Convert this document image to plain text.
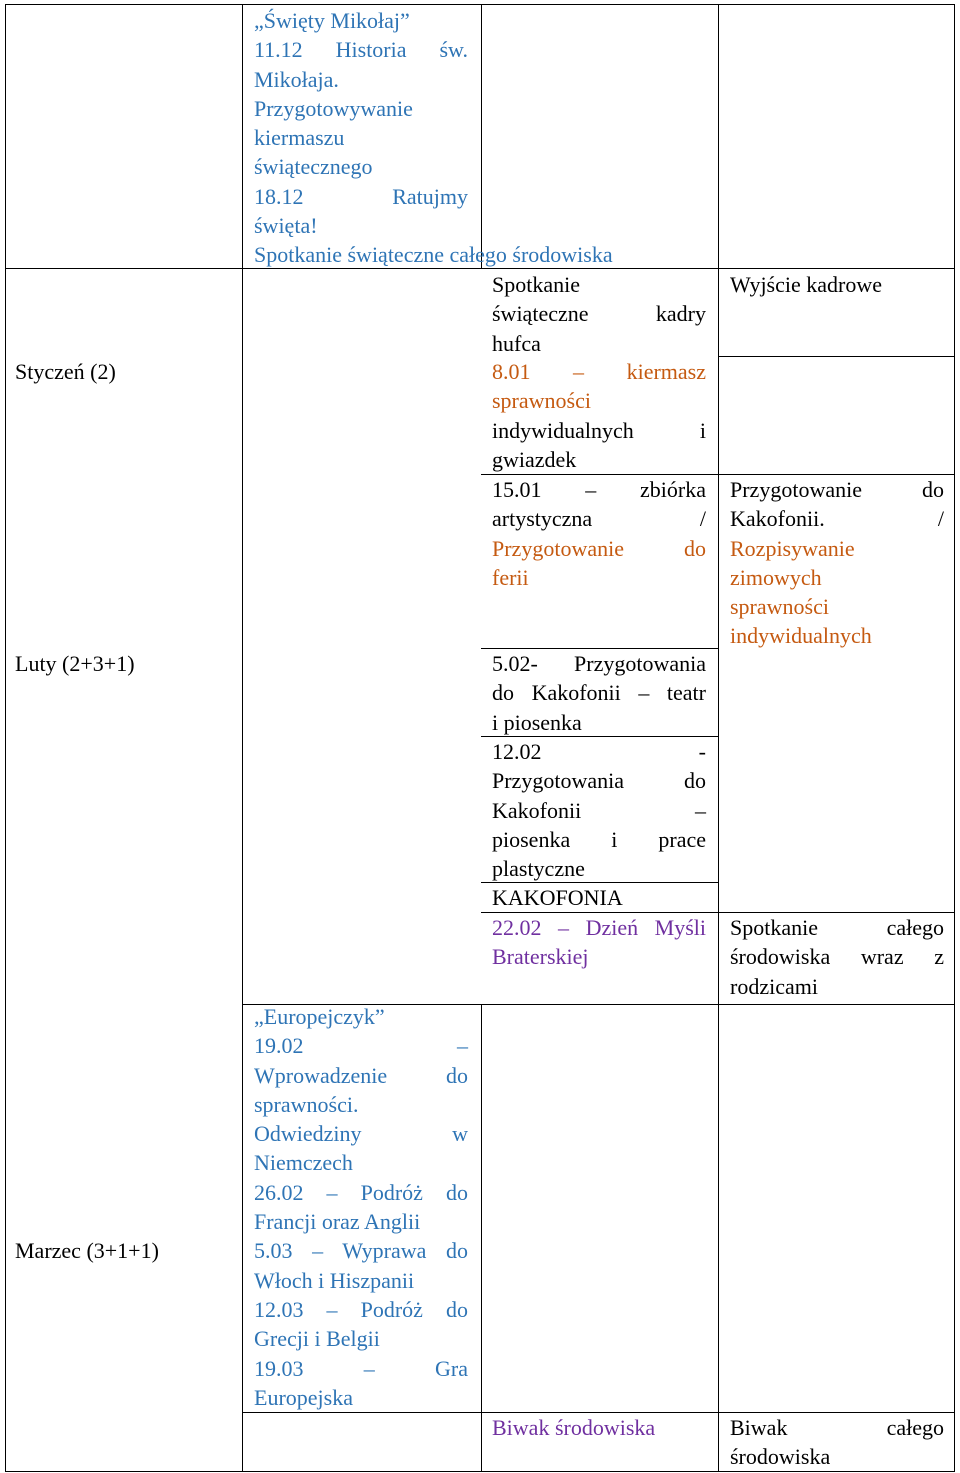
Styczeń (2)
Luty (2+3+1)
Marzec (3+1+1)
„Święty Mikołaj”
11.12 Historia św.
Mikołaja.
Przygotowywanie
kiermaszu
świątecznego
18.12 Ratujmy
święta!
Spotkanie świąteczne całego środowiska
„Europejczyk”
19.02 –
Wprowadzenie do
sprawności.
Odwiedziny w
Niemczech
26.02 – Podróż do
Francji oraz Anglii
5.03 – Wyprawa do
Włoch i Hiszpanii
12.03 – Podróż do
Grecji i Belgii
19.03 – Gra
Europejska
Spotkanie
świąteczne kadry
hufca
8.01 – kiermasz
sprawności
indywidualnych i
gwiazdek
15.01 – zbiórka
artystyczna /
Przygotowanie do
ferii
5.02- Przygotowania
do Kakofonii – teatr
i piosenka
12.02 -
Przygotowania do
Kakofonii –
piosenka i prace
plastyczne
KAKOFONIA
22.02 – Dzień Myśli
Braterskiej
Biwak środowiska
Wyjście kadrowe
Przygotowanie do
Kakofonii. /
Rozpisywanie
zimowych
sprawności
indywidualnych
Spotkanie całego
środowiska wraz z
rodzicami
Biwak całego
środowiska
